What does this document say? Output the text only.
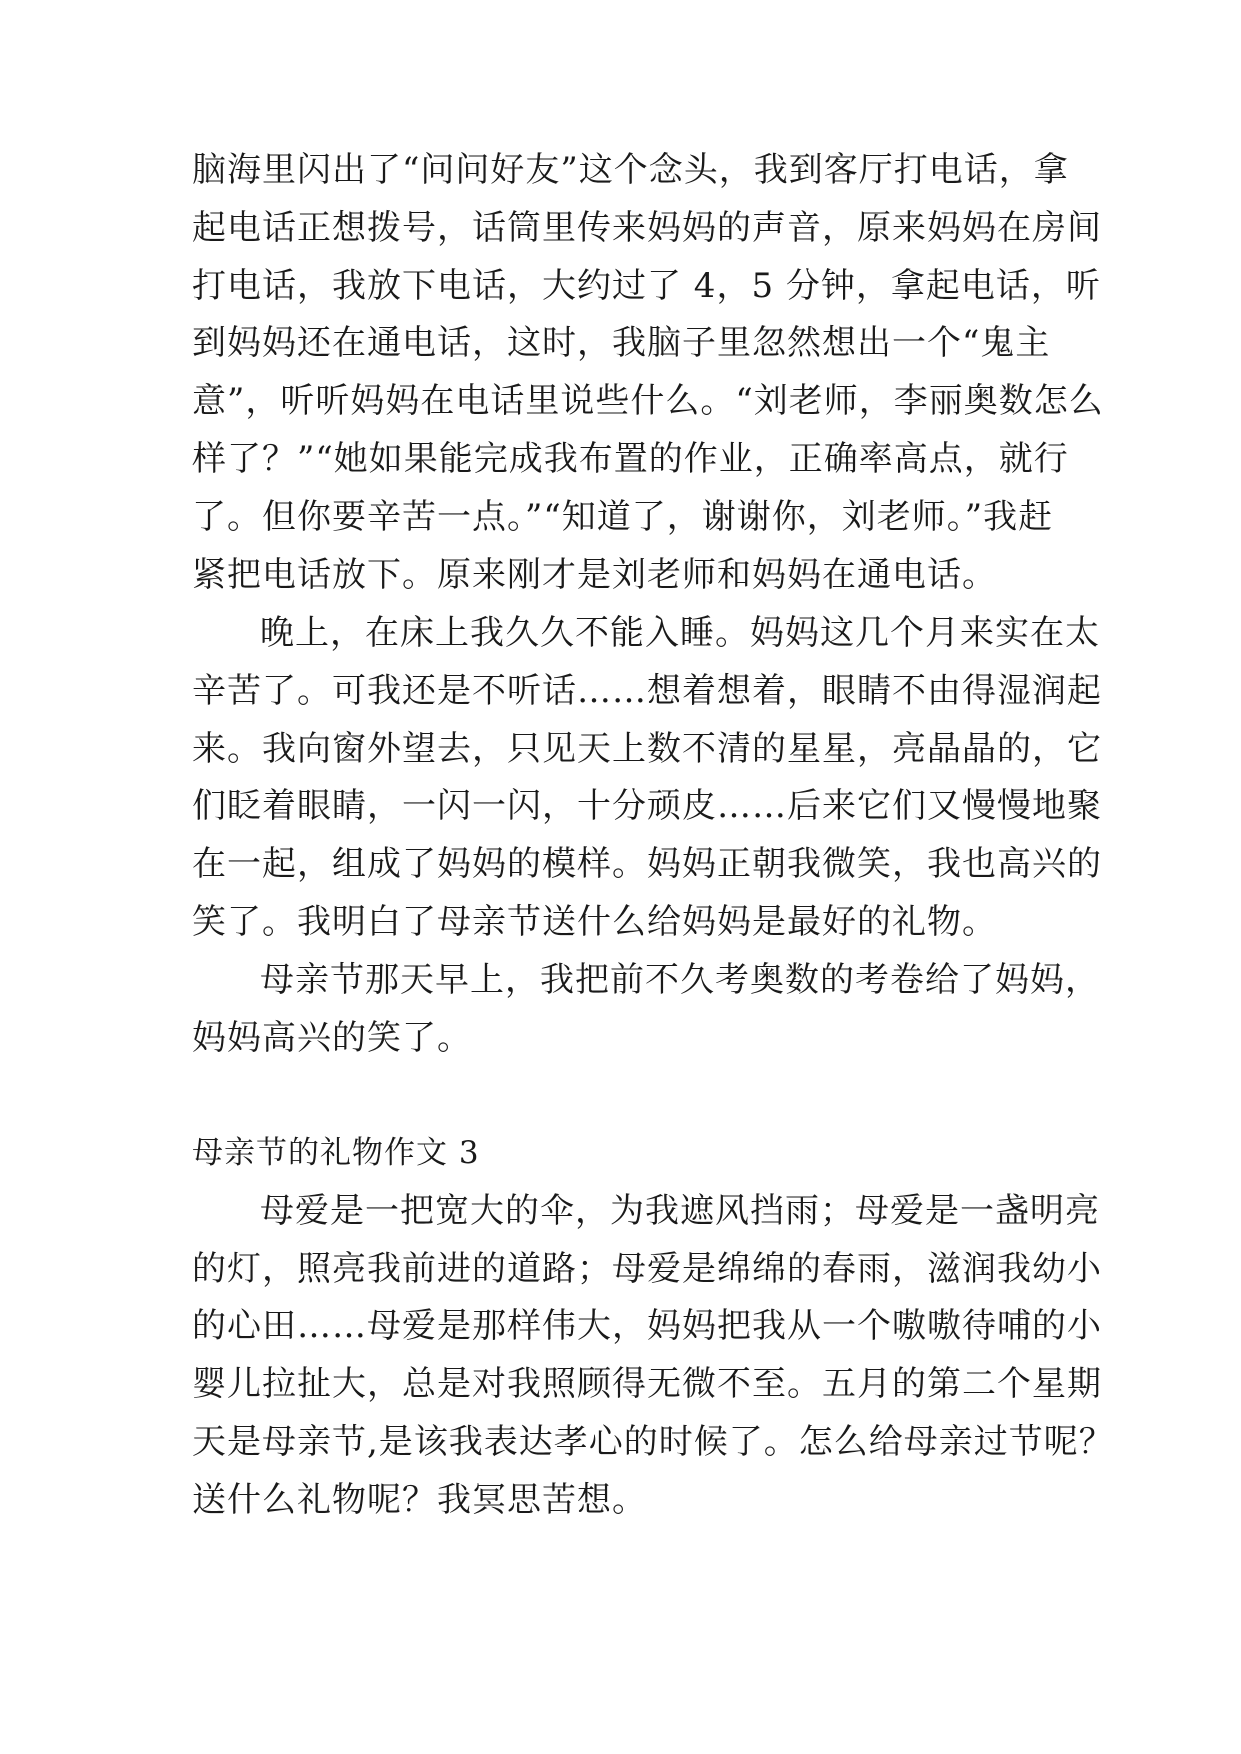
脑海里闪出了“问问好友”这个念头，我到客厅打电话，拿
起电话正想拨号，话筒里传来妈妈的声音，原来妈妈在房间
打电话，我放下电话，大约过了 4，5 分钟，拿起电话，听
到妈妈还在通电话，这时，我脑子里忽然想出一个“鬼主
意”，听听妈妈在电话里说些什么。“刘老师，李丽奥数怎么
样了？”“她如果能完成我布置的作业，正确率高点，就行
了。但你要辛苦一点。”“知道了，谢谢你，刘老师。”我赶
紧把电话放下。原来刚才是刘老师和妈妈在通电话。
晚上，在床上我久久不能入睡。妈妈这几个月来实在太
辛苦了。可我还是不听话……想着想着，眼睛不由得湿润起
来。我向窗外望去，只见天上数不清的星星，亮晶晶的，它
们眨着眼睛，一闪一闪，十分顽皮……后来它们又慢慢地聚
在一起，组成了妈妈的模样。妈妈正朝我微笑，我也高兴的
笑了。我明白了母亲节送什么给妈妈是最好的礼物。
母亲节那天早上，我把前不久考奥数的考卷给了妈妈，
妈妈高兴的笑了。
母亲节的礼物作文 3
母爱是一把宽大的伞，为我遮风挡雨；母爱是一盏明亮
的灯，照亮我前进的道路；母爱是绵绵的春雨，滋润我幼小
的心田……母爱是那样伟大，妈妈把我从一个嗷嗷待哺的小
婴儿拉扯大，总是对我照顾得无微不至。五月的第二个星期
天是母亲节,是该我表达孝心的时候了。怎么给母亲过节呢？
送什么礼物呢？我冥思苦想。
